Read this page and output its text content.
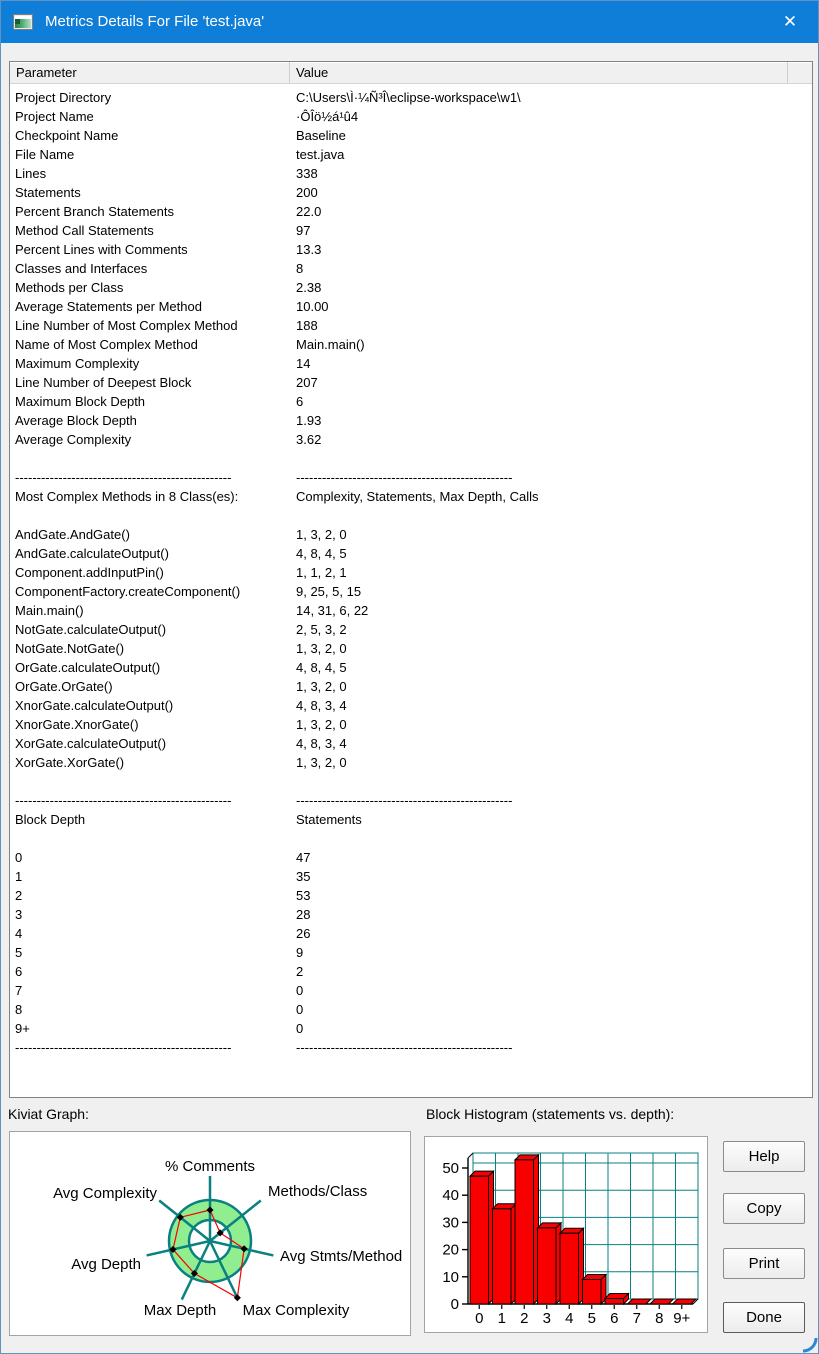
Metrics Details For File 'test.java'	✕
Parameter	Value
Project Directory	C:\Users\Ì·¼Ñ³Î\eclipse-workspace\w1\
Project Name	·ÔÎö½á¹û4
Checkpoint Name	Baseline
File Name	test.java
Lines	338
Statements	200
Percent Branch Statements	22.0
Method Call Statements	97
Percent Lines with Comments	13.3
Classes and Interfaces	8
Methods per Class	2.38
Average Statements per Method	10.00
Line Number of Most Complex Method	188
Name of Most Complex Method	Main.main()
Maximum Complexity	14
Line Number of Deepest Block	207
Maximum Block Depth	6
Average Block Depth	1.93
Average Complexity	3.62
--------------------------------------------------	--------------------------------------------------
Most Complex Methods in 8 Class(es):	Complexity, Statements, Max Depth, Calls
AndGate.AndGate()	1, 3, 2, 0
AndGate.calculateOutput()	4, 8, 4, 5
Component.addInputPin()	1, 1, 2, 1
ComponentFactory.createComponent()	9, 25, 5, 15
Main.main()	14, 31, 6, 22
NotGate.calculateOutput()	2, 5, 3, 2
NotGate.NotGate()	1, 3, 2, 0
OrGate.calculateOutput()	4, 8, 4, 5
OrGate.OrGate()	1, 3, 2, 0
XnorGate.calculateOutput()	4, 8, 3, 4
XnorGate.XnorGate()	1, 3, 2, 0
XorGate.calculateOutput()	4, 8, 3, 4
XorGate.XorGate()	1, 3, 2, 0
--------------------------------------------------	--------------------------------------------------
Block Depth	Statements
0	47
1	35
2	53
3	28
4	26
5	9
6	2
7	0
8	0
9+	0
--------------------------------------------------	--------------------------------------------------
Kiviat Graph:	Block Histogram (statements vs. depth):
% Comments
Methods/Class
Avg Stmts/Method
Max Complexity
Max Depth
Avg Depth
Avg Complexity
0
10
20
30
40
50
0 1 2 3 4 5 6 7 8 9+
Help
Copy
Print
Done
